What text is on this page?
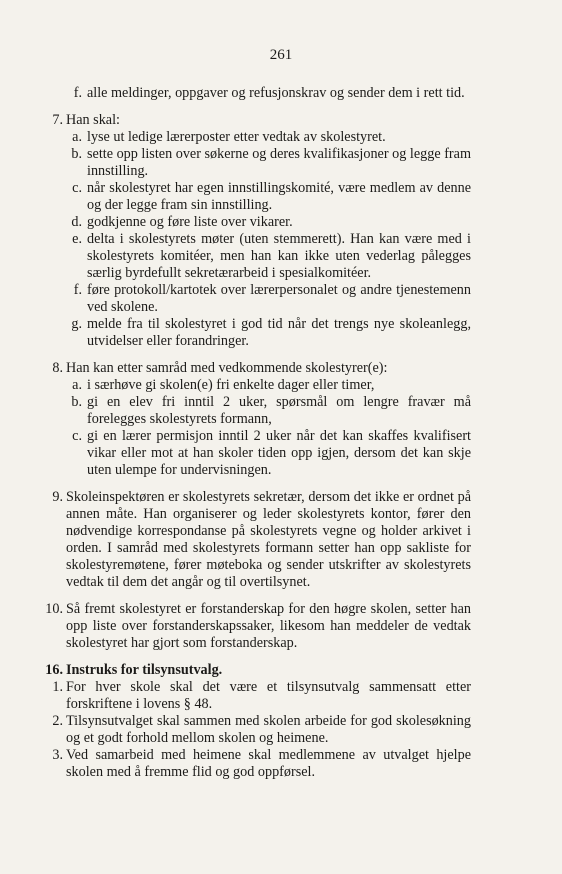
261
f. alle meldinger, oppgaver og refusjonskrav og sender dem i rett tid.
7. Han skal:
a. lyse ut ledige lærerposter etter vedtak av skolestyret.
b. sette opp listen over søkerne og deres kvalifikasjoner og legge fram innstilling.
c. når skolestyret har egen innstillingskomité, være medlem av denne og der legge fram sin innstilling.
d. godkjenne og føre liste over vikarer.
e. delta i skolestyrets møter (uten stemmerett). Han kan være med i skolestyrets komitéer, men han kan ikke uten vederlag pålegges særlig byrdefullt sekretærarbeid i spesialkomitéer.
f. føre protokoll/kartotek over lærerpersonalet og andre tjenestemenn ved skolene.
g. melde fra til skolestyret i god tid når det trengs nye skoleanlegg, utvidelser eller forandringer.
8. Han kan etter samråd med vedkommende skolestyrer(e):
a. i særhøve gi skolen(e) fri enkelte dager eller timer,
b. gi en elev fri inntil 2 uker, spørsmål om lengre fravær må forelegges skolestyrets formann,
c. gi en lærer permisjon inntil 2 uker når det kan skaffes kvalifisert vikar eller mot at han skoler tiden opp igjen, dersom det kan skje uten ulempe for undervisningen.
9. Skoleinspektøren er skolestyrets sekretær, dersom det ikke er ordnet på annen måte. Han organiserer og leder skolestyrets kontor, fører den nødvendige korrespondanse på skolestyrets vegne og holder arkivet i orden. I samråd med skolestyrets formann setter han opp sakliste for skolestyremøtene, fører møteboka og sender utskrifter av skolestyrets vedtak til dem det angår og til overtilsynet.
10. Så fremt skolestyret er forstanderskap for den høgre skolen, setter han opp liste over forstanderskapssaker, likesom han meddeler de vedtak skolestyret har gjort som forstanderskap.
16. Instruks for tilsynsutvalg.
1. For hver skole skal det være et tilsynsutvalg sammensatt etter forskriftene i lovens § 48.
2. Tilsynsutvalget skal sammen med skolen arbeide for god skolesøkning og et godt forhold mellom skolen og heimene.
3. Ved samarbeid med heimene skal medlemmene av utvalget hjelpe skolen med å fremme flid og god oppførsel.
